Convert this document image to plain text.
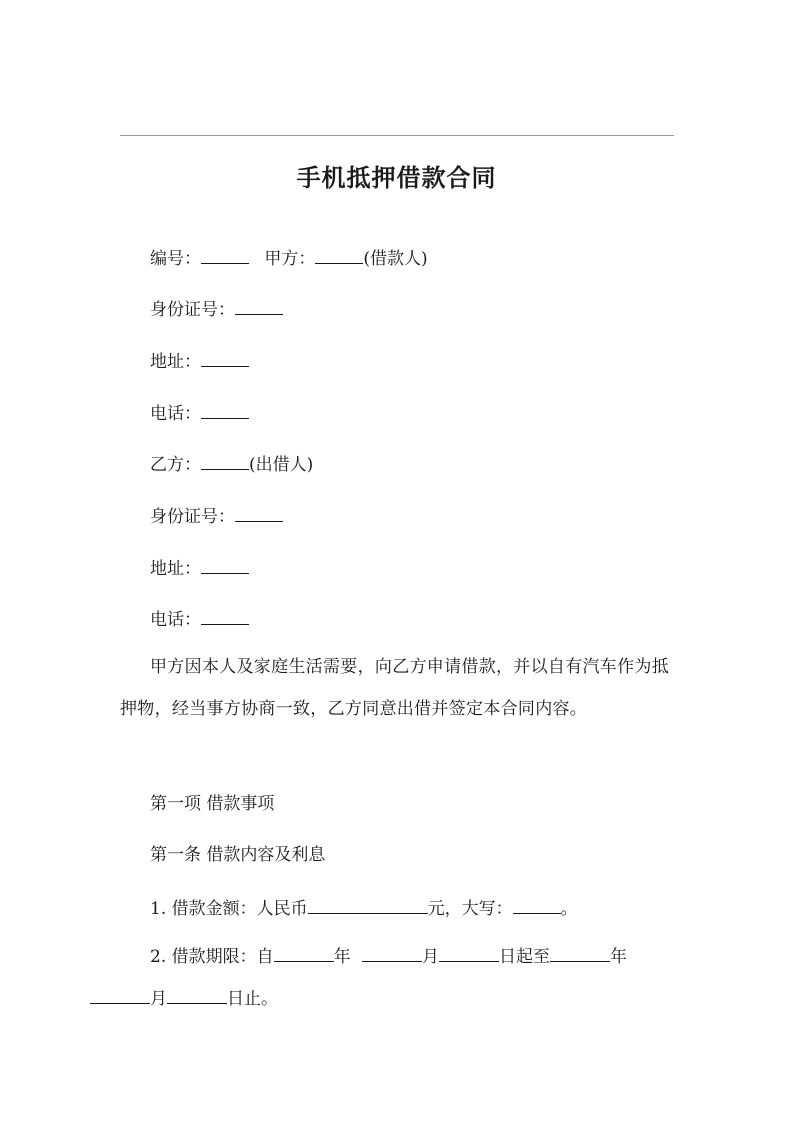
手机抵押借款合同
编号：	甲方：	(借款人)
身份证号：
地址：
电话：
乙方：	(出借人)
身份证号：
地址：
电话：
甲方因本人及家庭生活需要，向乙方申请借款，并以自有汽车作为抵押物，经当事方协商一致，乙方同意出借并签定本合同内容。
第一项 借款事项
第一条 借款内容及利息
1. 借款金额：人民币	元，大写：	。
2. 借款期限：自	年	月	日起至	年
月	日止。
